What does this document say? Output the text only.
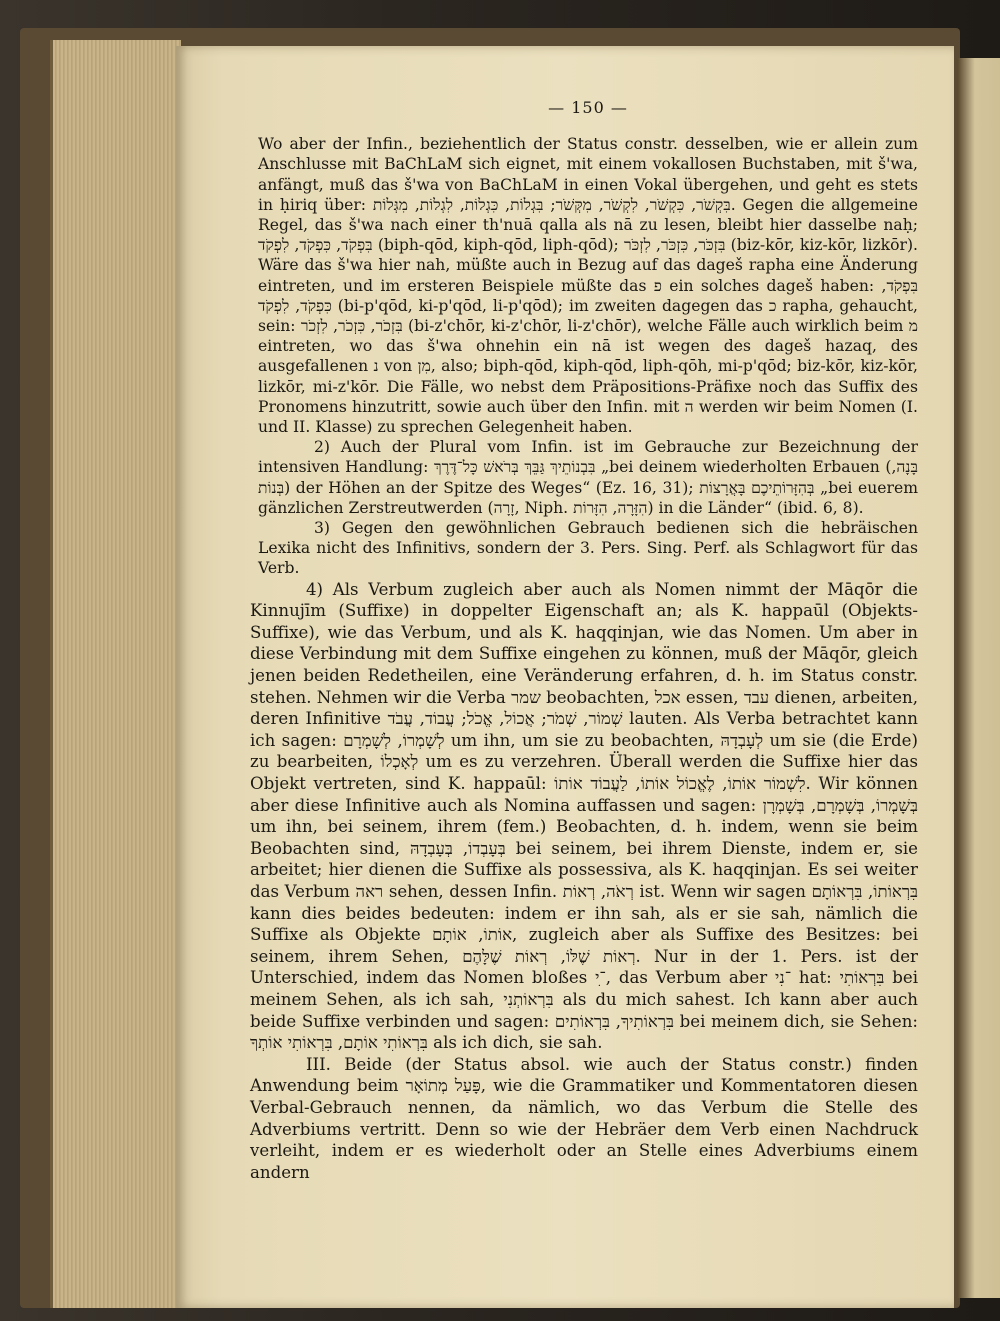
— 150 —

Wo aber der Infin., beziehentlich der Status constr. desselben, wie er allein zum Anschlusse mit BaChLaM sich eignet, mit einem vokallosen Buchstaben, mit š'wa, anfängt, muß das š'wa von BaChLaM in einen Vokal übergehen, und geht es stets in ḥiriq über: בִּקְשֹׁר, כִּקְשֹׁר, לִקְשֹׁר, מִקְּשֹׁר; בִּגְלוֹת, כִּגְלוֹת, לִגְלוֹת, מִגְּלוֹת. Gegen die allgemeine Regel, das š'wa nach einer th'nuā qalla als nā zu lesen, bleibt hier dasselbe naḥ; בִּפְקֹד, כִּפְקֹד, לִפְקֹד (biph-qōd, kiph-qōd, liph-qōd); בִּזְכֹּר, כִּזְכֹּר, לִזְכֹּר (biz-kōr, kiz-kōr, lizkōr). Wäre das š'wa hier nah, müßte auch in Bezug auf das dageš rapha eine Änderung eintreten, und im ersteren Beispiele müßte das פ ein solches dageš haben: בִּפְקֹד, כִּפְקֹד, לִפְקֹד (bi-p'qōd, ki-p'qōd, li-p'qōd); im zweiten dagegen das כ rapha, gehaucht, sein: בִּזְכֹר, כִּזְכֹר, לִזְכֹר (bi-z'chōr, ki-z'chōr, li-z'chōr), welche Fälle auch wirklich beim מ eintreten, wo das š'wa ohnehin ein nā ist wegen des dageš hazaq, des ausgefallenen נ von מִן, also; biph-qōd, kiph-qōd, liph-qōh, mi-p'qōd; biz-kōr, kiz-kōr, lizkōr, mi-z'kōr. Die Fälle, wo nebst dem Präpositions-Präfixe noch das Suffix des Pronomens hinzutritt, sowie auch über den Infin. mit ה werden wir beim Nomen (I. und II. Klasse) zu sprechen Gelegenheit haben.

2) Auch der Plural vom Infin. ist im Gebrauche zur Bezeichnung der intensiven Handlung: בִּבְנוֹתֵיךְ גַּבֵּךְ בְּרֹאשׁ כָּל־דֶּרֶךְ „bei deinem wiederholten Erbauen (בָּנָה, בְּנוֹת) der Höhen an der Spitze des Weges“ (Ez. 16, 31); בְּהִזָּרוֹתֵיכֶם בָּאֲרָצוֹת „bei euerem gänzlichen Zerstreutwerden (זָרָה, Niph. הִזָּרָה, הִזָּרוֹת) in die Länder“ (ibid. 6, 8).

3) Gegen den gewöhnlichen Gebrauch bedienen sich die hebräischen Lexika nicht des Infinitivs, sondern der 3. Pers. Sing. Perf. als Schlagwort für das Verb.

4) Als Verbum zugleich aber auch als Nomen nimmt der Māqōr die Kinnujīm (Suffixe) in doppelter Eigenschaft an; als K. happaūl (Objekts-Suffixe), wie das Verbum, und als K. haqqinjan, wie das Nomen. Um aber in diese Verbindung mit dem Suffixe eingehen zu können, muß der Māqōr, gleich jenen beiden Redetheilen, eine Veränderung erfahren, d. h. im Status constr. stehen. Nehmen wir die Verba שמר beobachten, אכל essen, עבד dienen, arbeiten, deren Infinitive שְׁמוֹר, שְׁמֹר; אֲכוֹל, אֱכֹל; עֲבוֹד, עֲבֹד lauten. Als Verba betrachtet kann ich sagen: לְשָׁמְרוֹ, לְשָׁמְרָם um ihn, um sie zu beobachten, לְעָבְדָהּ um sie (die Erde) zu bearbeiten, לְאָכְלוֹ um es zu verzehren. Überall werden die Suffixe hier das Objekt vertreten, sind K. happaūl: לִשְׁמוֹר אוֹתוֹ, לֶאֱכוֹל אוֹתוֹ, לַעֲבוֹד אוֹתוֹ. Wir können aber diese Infinitive auch als Nomina auffassen und sagen: בְּשָׁמְרוֹ, בְּשָׁמְרָם, בְּשָׁמְרָן um ihn, bei seinem, ihrem (fem.) Beobachten, d. h. indem, wenn sie beim Beobachten sind, בְּעָבְדוֹ, בְּעָבְדָהּ bei seinem, bei ihrem Dienste, indem er, sie arbeitet; hier dienen die Suffixe als possessiva, als K. haqqinjan. Es sei weiter das Verbum ראה sehen, dessen Infin. רְאֹה, רְאוֹת ist. Wenn wir sagen בִּרְאוֹתוֹ, בִּרְאוֹתָם kann dies beides bedeuten: indem er ihn sah, als er sie sah, nämlich die Suffixe als Objekte אוֹתוֹ, אוֹתָם, zugleich aber als Suffixe des Besitzes: bei seinem, ihrem Sehen, רְאוֹת שֶׁלּוֹ, רְאוֹת שֶׁלָּהֶם. Nur in der 1. Pers. ist der Unterschied, indem das Nomen bloßes ־ִי, das Verbum aber ־נִי hat: בִּרְאוֹתִי bei meinem Sehen, als ich sah, בִּרְאוֹתְנִי als du mich sahest. Ich kann aber auch beide Suffixe verbinden und sagen: בִּרְאוֹתִיךָ, בִּרְאוֹתִים bei meinem dich, sie Sehen: בִּרְאוֹתִי אוֹתָם, בִּרְאוֹתִי אוֹתְךָ als ich dich, sie sah.

III. Beide (der Status absol. wie auch der Status constr.) finden Anwendung beim פָּעַל מְתוֹאָר, wie die Grammatiker und Kommentatoren diesen Verbal-Gebrauch nennen, da nämlich, wo das Verbum die Stelle des Adverbiums vertritt. Denn so wie der Hebräer dem Verb einen Nachdruck verleiht, indem er es wiederholt oder an Stelle eines Adverbiums einem andern
